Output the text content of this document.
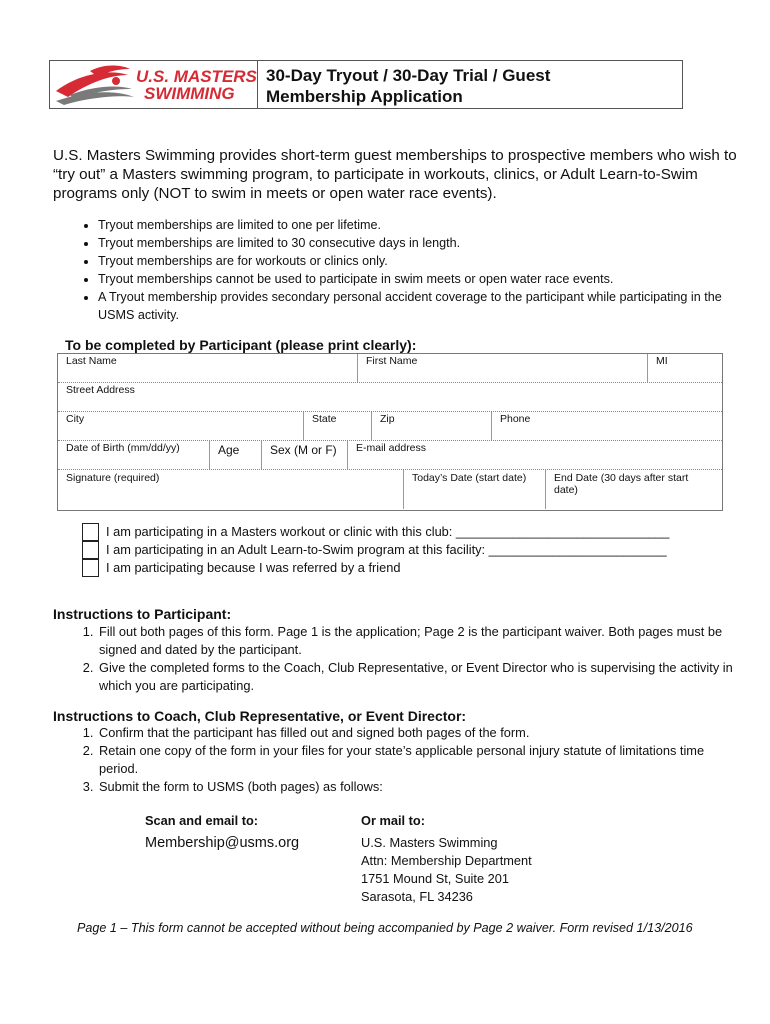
U.S. MASTERS
SWIMMING
30-Day Tryout / 30-Day Trial / Guest
Membership Application
U.S. Masters Swimming provides short-term guest memberships to prospective members who wish to “try out” a Masters swimming program, to participate in workouts, clinics, or Adult Learn-to-Swim programs only (NOT to swim in meets or open water race events).
• Tryout memberships are limited to one per lifetime.
• Tryout memberships are limited to 30 consecutive days in length.
• Tryout memberships are for workouts or clinics only.
• Tryout memberships cannot be used to participate in swim meets or open water race events.
• A Tryout membership provides secondary personal accident coverage to the participant while participating in the USMS activity.
To be completed by Participant (please print clearly):
Last Name	First Name	MI
Street Address
City	State	Zip	Phone
Date of Birth (mm/dd/yy)	Age	Sex (M or F)	E-mail address
Signature (required)	Today’s Date (start date)	End Date (30 days after start date)
I am participating in a Masters workout or clinic with this club: ______________________________
I am participating in an Adult Learn-to-Swim program at this facility: _________________________
I am participating because I was referred by a friend
Instructions to Participant:
1. Fill out both pages of this form. Page 1 is the application; Page 2 is the participant waiver. Both pages must be signed and dated by the participant.
2. Give the completed forms to the Coach, Club Representative, or Event Director who is supervising the activity in which you are participating.
Instructions to Coach, Club Representative, or Event Director:
1. Confirm that the participant has filled out and signed both pages of the form.
2. Retain one copy of the form in your files for your state’s applicable personal injury statute of limitations time period.
3. Submit the form to USMS (both pages) as follows:
Scan and email to:
Membership@usms.org
Or mail to:
U.S. Masters Swimming
Attn: Membership Department
1751 Mound St, Suite 201
Sarasota, FL 34236
Page 1 – This form cannot be accepted without being accompanied by Page 2 waiver. Form revised 1/13/2016
